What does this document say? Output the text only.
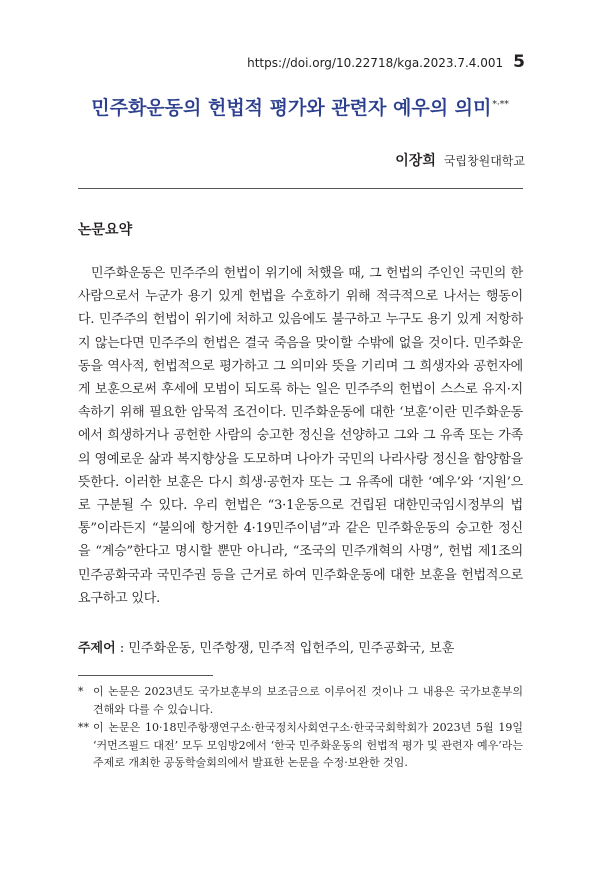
https://doi.org/10.22718/kga.2023.7.4.001 5
민주화운동의 헌법적 평가와 관련자 예우의 의미*·**
이장희 국립창원대학교
논문요약

민주화운동은 민주주의 헌법이 위기에 처했을 때, 그 헌법의 주인인 국민의 한 사람으로서 누군가 용기 있게 헌법을 수호하기 위해 적극적으로 나서는 행동이다. 민주주의 헌법이 위기에 처하고 있음에도 불구하고 누구도 용기 있게 저항하지 않는다면 민주주의 헌법은 결국 죽음을 맞이할 수밖에 없을 것이다. 민주화운동을 역사적, 헌법적으로 평가하고 그 의미와 뜻을 기리며 그 희생자와 공헌자에게 보훈으로써 후세에 모범이 되도록 하는 일은 민주주의 헌법이 스스로 유지·지속하기 위해 필요한 암묵적 조건이다. 민주화운동에 대한 ‘보훈’이란 민주화운동에서 희생하거나 공헌한 사람의 숭고한 정신을 선양하고 그와 그 유족 또는 가족의 영예로운 삶과 복지향상을 도모하며 나아가 국민의 나라사랑 정신을 함양함을 뜻한다. 이러한 보훈은 다시 희생·공헌자 또는 그 유족에 대한 ‘예우’와 ‘지원’으로 구분될 수 있다. 우리 헌법은 “3·1운동으로 건립된 대한민국임시정부의 법통”이라든지 “불의에 항거한 4·19민주이념”과 같은 민주화운동의 숭고한 정신을 “계승”한다고 명시할 뿐만 아니라, “조국의 민주개혁의 사명”, 헌법 제1조의 민주공화국과 국민주권 등을 근거로 하여 민주화운동에 대한 보훈을 헌법적으로 요구하고 있다.

주제어 : 민주화운동, 민주항쟁, 민주적 입헌주의, 민주공화국, 보훈
* 이 논문은 2023년도 국가보훈부의 보조금으로 이루어진 것이나 그 내용은 국가보훈부의 견해와 다를 수 있습니다.
** 이 논문은 10·18민주항쟁연구소·한국정치사회연구소·한국국회학회가 2023년 5월 19일 ‘커먼즈필드 대전’ 모두 모임방2에서 ‘한국 민주화운동의 헌법적 평가 및 관련자 예우’라는 주제로 개최한 공동학술회의에서 발표한 논문을 수정·보완한 것임.
